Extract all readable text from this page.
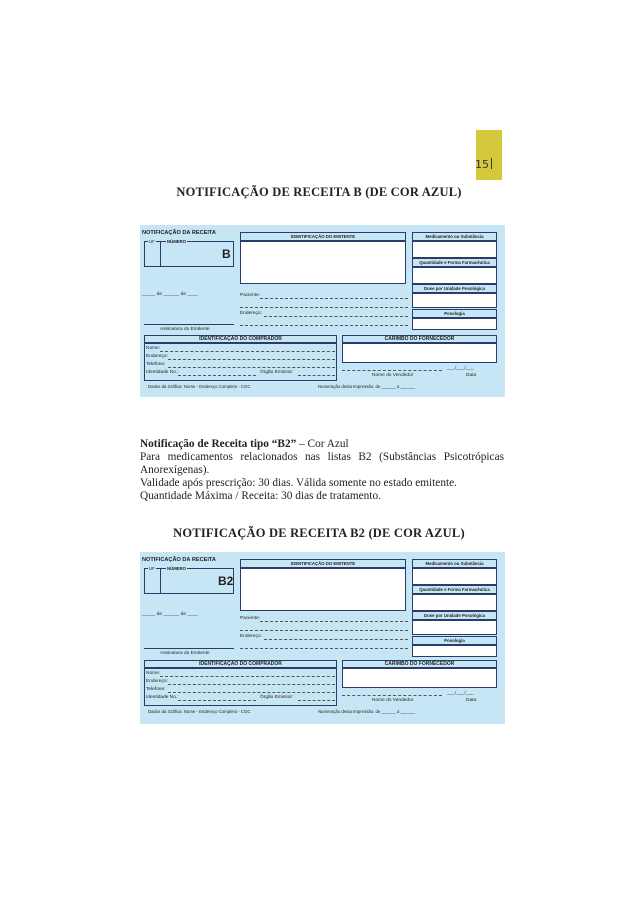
15
NOTIFICAÇÃO DE RECEITA B (DE COR AZUL)
NOTIFICAÇÃO DA RECEITA
UF	NÚMERO
B
IDENTIFICAÇÃO DO EMITENTE	Medicamento ou Substância
Quantidade e Forma Farmacêutica
Dose por Unidade Posológica
Posologia
_____ de ______ de ____	Paciente:
Endereço:
Assinatura do Emitente
IDENTIFICAÇÃO DO COMPRADOR	CARIMBO DO FORNECEDOR
Nome:
Endereço:
Telefone:
Identidade No.:	Órgão Emissor:
___/___/___
Nome do Vendedor	Data
Dados da Gráfica: Nome - Endereço Completo - CGC	Numeração desta Impressão: de ______ a ______

Notificação de Receita tipo “B2” – Cor Azul

Para medicamentos relacionados nas listas B2 (Substâncias Psicotrópicas Anorexígenas).

Validade após prescrição: 30 dias. Válida somente no estado emitente.

Quantidade Máxima / Receita: 30 dias de tratamento.

NOTIFICAÇÃO DE RECEITA B2 (DE COR AZUL)
NOTIFICAÇÃO DA RECEITA
UF	NÚMERO
B2
IDENTIFICAÇÃO DO EMITENTE	Medicamento ou Substância
Quantidade e Forma Farmacêutica
Dose por Unidade Posológica
Posologia
_____ de ______ de ____
Paciente:
Endereço:
Assinatura do Emitente
IDENTIFICAÇÃO DO COMPRADOR	CARIMBO DO FORNECEDOR
Nome:
Endereço:
Telefone:
Identidade No.:	Órgão Emissor:
___/___/___
Nome do Vendedor	Data
Dados da Gráfica: Nome - Endereço Completo - CGC	Numeração desta Impressão: de ______ a ______
